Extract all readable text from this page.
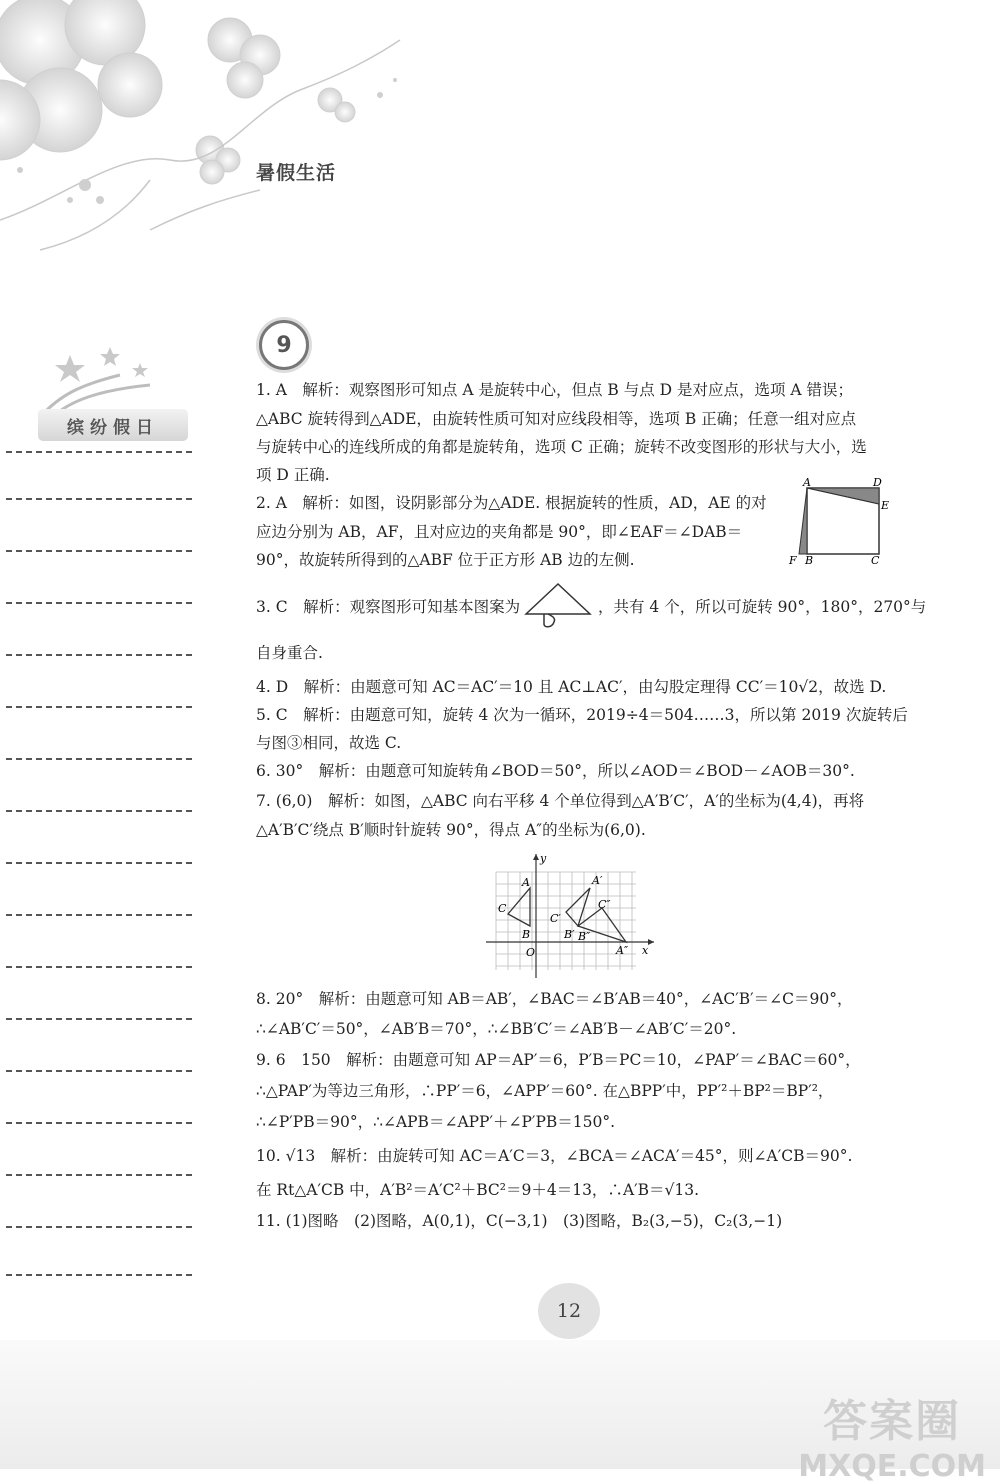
暑假生活
缤纷假日
9
1. A　解析：观察图形可知点 A 是旋转中心，但点 B 与点 D 是对应点，选项 A 错误；
△ABC 旋转得到△ADE，由旋转性质可知对应线段相等，选项 B 正确；任意一组对应点
与旋转中心的连线所成的角都是旋转角，选项 C 正确；旋转不改变图形的形状与大小，选
项 D 正确.
2. A　解析：如图，设阴影部分为△ADE. 根据旋转的性质，AD，AE 的对
应边分别为 AB，AF，且对应边的夹角都是 90°，即∠EAF＝∠DAB＝
90°，故旋转所得到的△ABF 位于正方形 AB 边的左侧.
A	D
E
F B	C
3. C　解析：观察图形可知基本图案为	，共有 4 个，所以可旋转 90°，180°，270°与
自身重合.
4. D　解析：由题意可知 AC＝AC′＝10 且 AC⊥AC′，由勾股定理得 CC′＝10√2，故选 D.
5. C　解析：由题意可知，旋转 4 次为一循环，2019÷4＝504……3，所以第 2019 次旋转后
与图③相同，故选 C.
6. 30°　解析：由题意可知旋转角∠BOD＝50°，所以∠AOD＝∠BOD－∠AOB＝30°.
7. (6,0)　解析：如图，△ABC 向右平移 4 个单位得到△A′B′C′，A′的坐标为(4,4)，再将
△A′B′C′绕点 B′顺时针旋转 90°，得点 A″的坐标为(6,0).
y
x
O
A
B
C
A′
B′
C′
A″
B″
C″
8. 20°　解析：由题意可知 AB＝AB′，∠BAC＝∠B′AB＝40°，∠AC′B′＝∠C＝90°，
∴∠AB′C′＝50°，∠AB′B＝70°，∴∠BB′C′＝∠AB′B－∠AB′C′＝20°.
9. 6　150　解析：由题意可知 AP＝AP′＝6，P′B＝PC＝10，∠PAP′＝∠BAC＝60°，
∴△PAP′为等边三角形，∴PP′＝6，∠APP′＝60°. 在△BPP′中，PP′²＋BP²＝BP′²，
∴∠P′PB＝90°，∴∠APB＝∠APP′＋∠P′PB＝150°.
10. √13　解析：由旋转可知 AC＝A′C＝3，∠BCA＝∠ACA′＝45°，则∠A′CB＝90°.
在 Rt△A′CB 中，A′B²＝A′C²＋BC²＝9＋4＝13，∴A′B＝√13.
11. (1)图略　(2)图略，A(0,1)，C(−3,1)　(3)图略，B₂(3,−5)，C₂(3,−1)
12
答案圈
MXQE.COM
